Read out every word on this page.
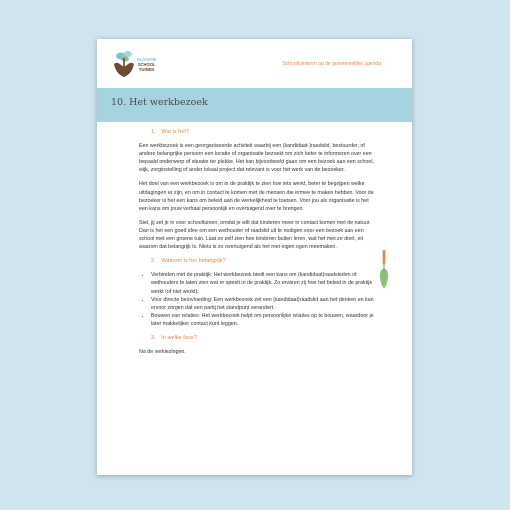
GIJANTIE
SCHOOL
TUINEN
Schooltuinieren op de gemeentelijke agenda
10. Het werkbezoek
1. Wat is het?

Een werkbezoek is een georganiseerde activiteit waarbij een (kandidaat-)raadslid, bestuurder, of andere belangrijke persoon een locatie of organisatie bezoekt om zich beter te informeren over een bepaald onderwerp of situatie ter plekke. Het kan bijvoorbeeld gaan om een bezoek aan een school, wijk, zorginstelling of ander lokaal project dat relevant is voor het werk van de bezoeker.

Het doel van een werkbezoek is om in de praktijk te zien hoe iets werkt, beter te begrijpen welke uitdagingen er zijn, en om in contact te komen met de mensen die ermee te maken hebben. Voor de bezoeker is het een kans om beleid aan de werkelijkheid te toetsen. Voor jou als organisatie is het een kans om jouw verhaal persoonlijk en overtuigend over te brengen.

Stel, jij zet je in voor schooltuinen, omdat je wilt dat kinderen meer in contact komen met de natuur. Dan is het een goed idee om een wethouder of raadslid uit te nodigen voor een bezoek aan een school met een groene tuin. Laat ze zelf zien hoe kinderen buiten leren, wat het met ze doet, en waarom dat belangrijk is. Niets is zo overtuigend als het met eigen ogen meemaken.

2. Waarom is het belangrijk?
• Verbinden met de praktijk: Het werkbezoek biedt een kans om (kandidaat)raadsleden of wethouders te laten zien wat er speelt in de praktijk. Zo ervaren zij hoe het beleid in de praktijk werkt (of niet werkt).
• Voor directe beïnvloeding: Een werkbezoek zet een (kandidaat)raadslid aan het denken en kan ervoor zorgen dat een partij het standpunt verandert.
• Bouwen van relaties: Het werkbezoek helpt om persoonlijke relaties op te bouwen, waardoor je later makkelijker contact kunt leggen.
3. In welke fase?

Na de verkiezingen.
